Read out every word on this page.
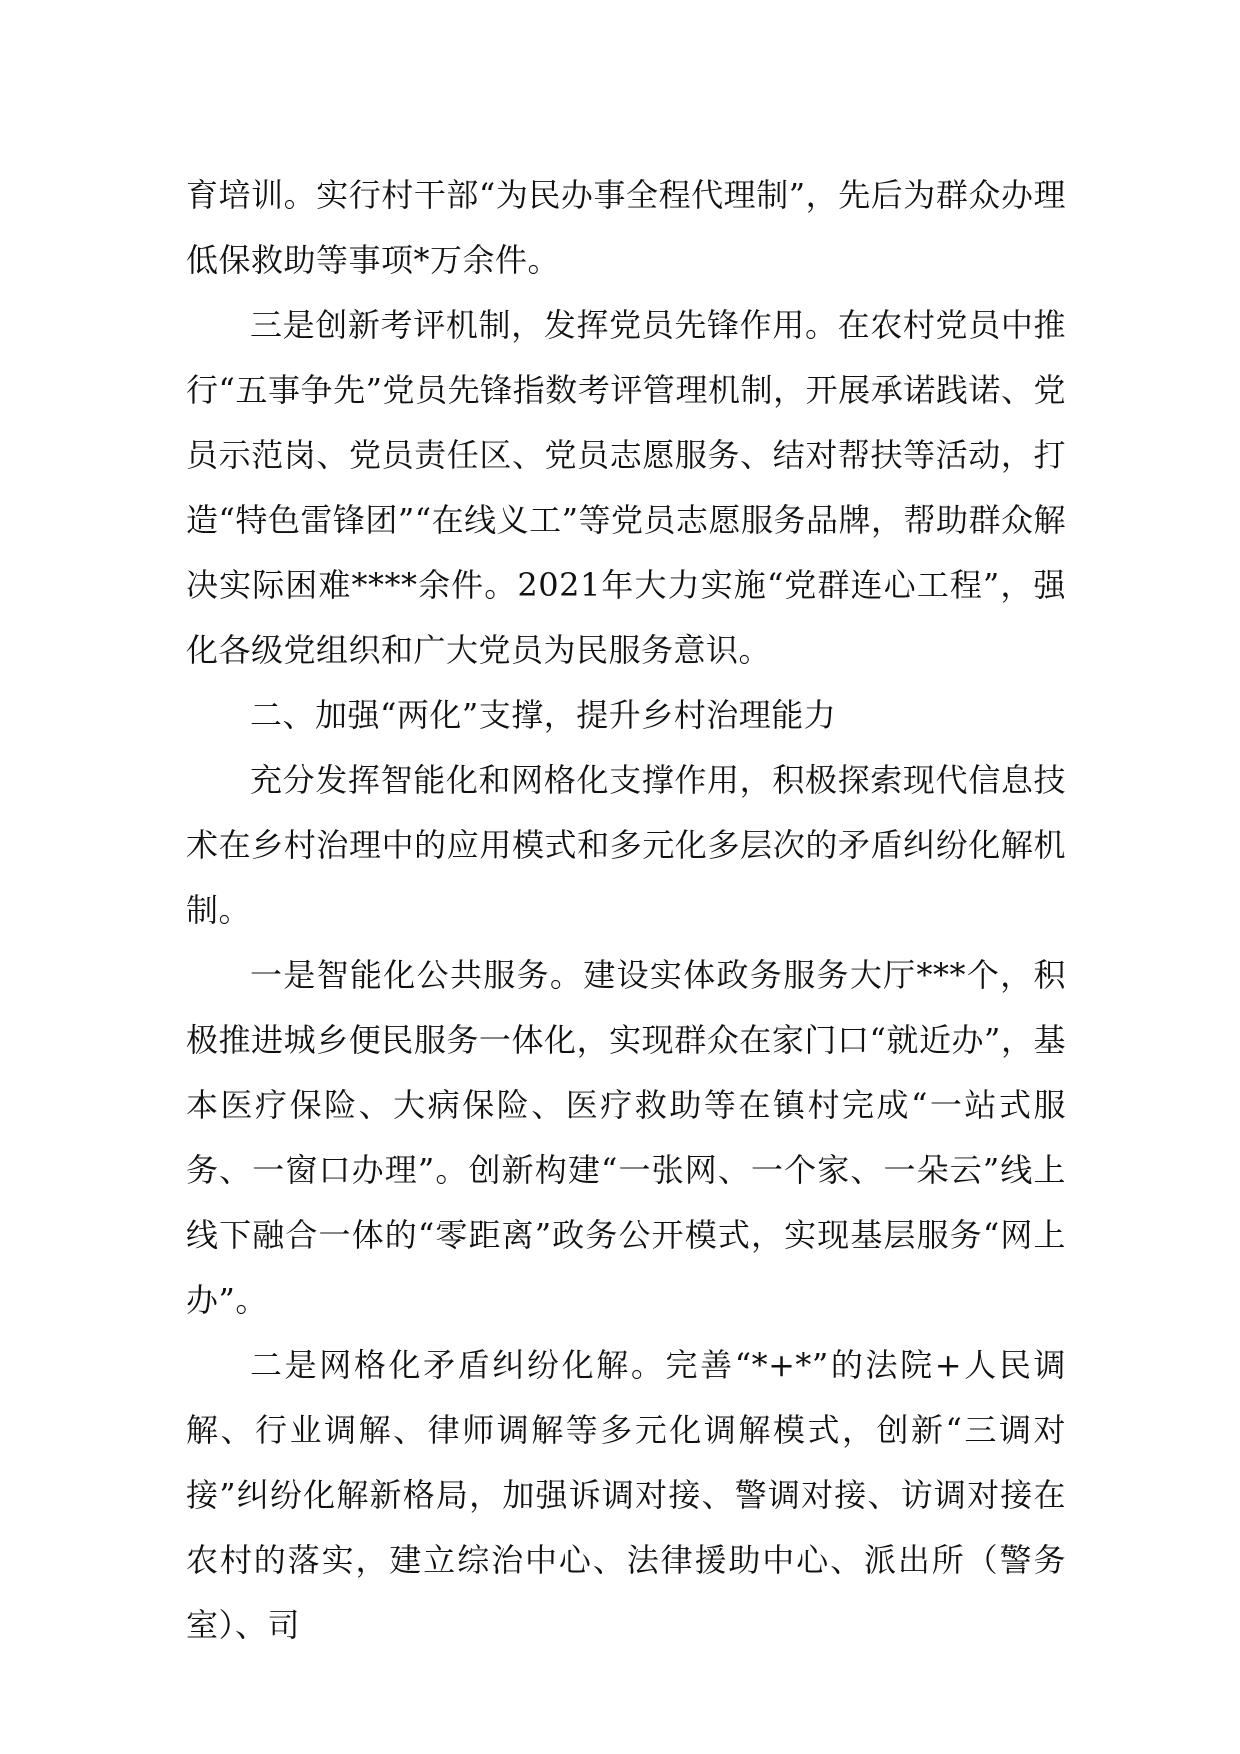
育培训。实行村干部“为民办事全程代理制”，先后为群众办理低保救助等事项*万余件。

三是创新考评机制，发挥党员先锋作用。在农村党员中推行“五事争先”党员先锋指数考评管理机制，开展承诺践诺、党员示范岗、党员责任区、党员志愿服务、结对帮扶等活动，打造“特色雷锋团”“在线义工”等党员志愿服务品牌，帮助群众解决实际困难****余件。2021年大力实施“党群连心工程”，强化各级党组织和广大党员为民服务意识。

二、加强“两化”支撑，提升乡村治理能力

充分发挥智能化和网格化支撑作用，积极探索现代信息技术在乡村治理中的应用模式和多元化多层次的矛盾纠纷化解机制。

一是智能化公共服务。建设实体政务服务大厅***个，积极推进城乡便民服务一体化，实现群众在家门口“就近办”，基本医疗保险、大病保险、医疗救助等在镇村完成“一站式服务、一窗口办理”。创新构建“一张网、一个家、一朵云”线上线下融合一体的“零距离”政务公开模式，实现基层服务“网上办”。

二是网格化矛盾纠纷化解。完善“*+*”的法院+人民调解、行业调解、律师调解等多元化调解模式，创新“三调对接”纠纷化解新格局，加强诉调对接、警调对接、访调对接在农村的落实，建立综治中心、法律援助中心、派出所（警务室）、司
